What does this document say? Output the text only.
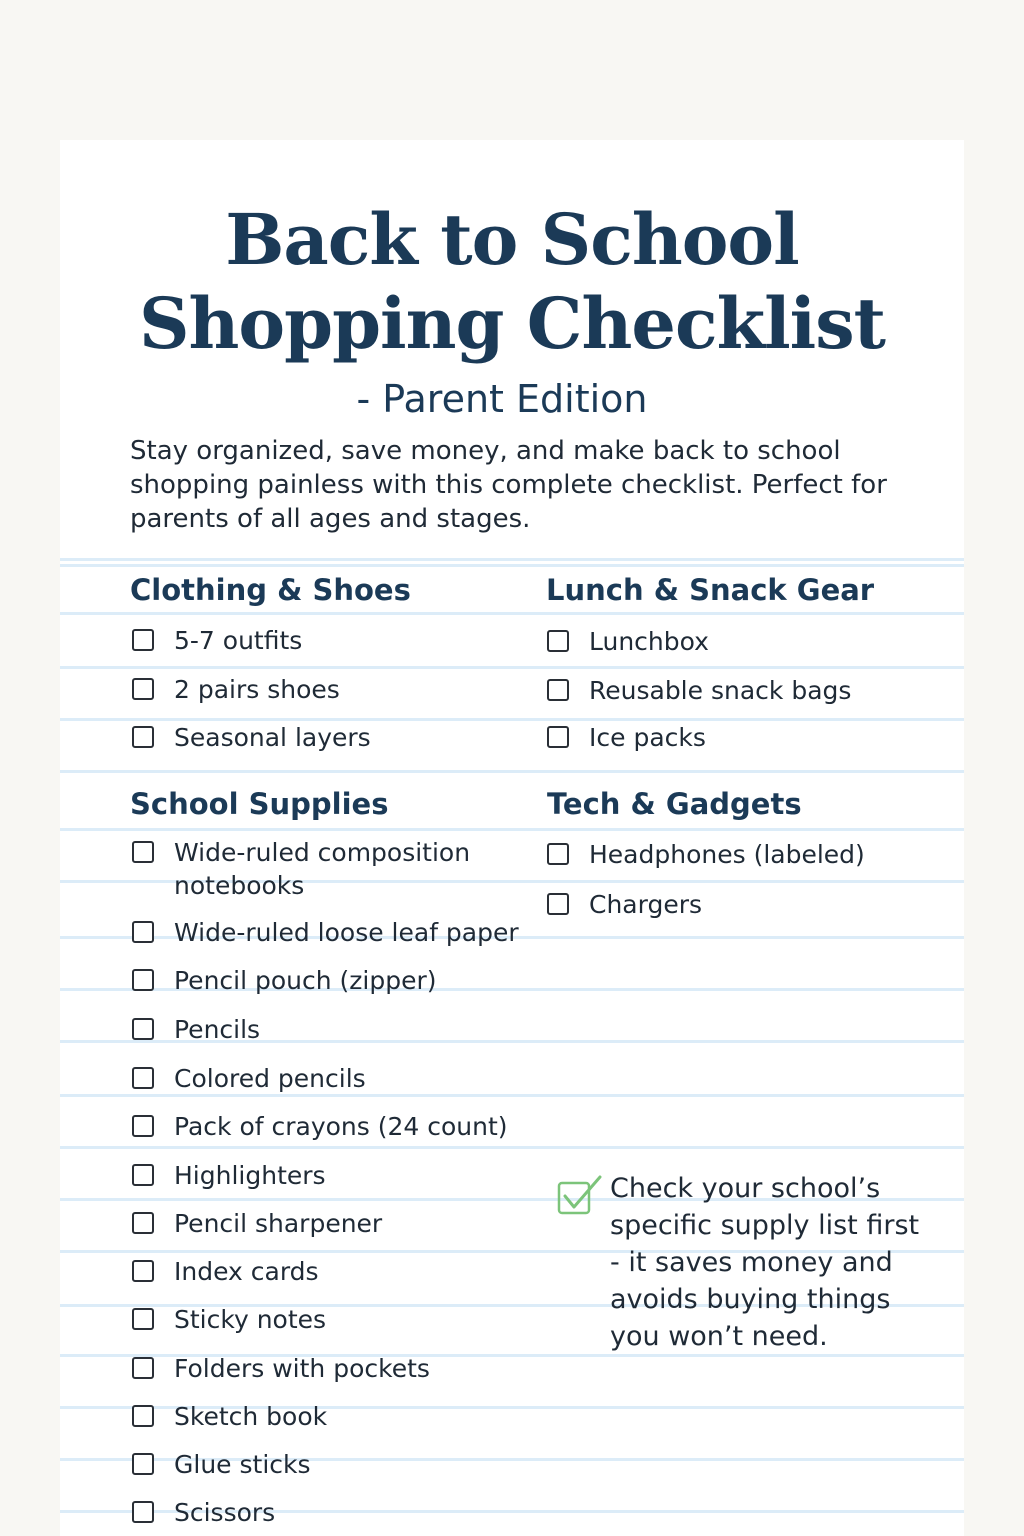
Back to School
Shopping Checklist
- Parent Edition
Stay organized, save money, and make back to school shopping painless with this complete checklist. Perfect for parents of all ages and stages.
Clothing & Shoes
5-7 outfits
2 pairs shoes
Seasonal layers
Lunch & Snack Gear
Lunchbox
Reusable snack bags
Ice packs
School Supplies
Wide-ruled composition notebooks
Wide-ruled loose leaf paper
Pencil pouch (zipper)
Pencils
Colored pencils
Pack of crayons (24 count)
Highlighters
Pencil sharpener
Index cards
Sticky notes
Folders with pockets
Sketch book
Glue sticks
Scissors
Tech & Gadgets
Headphones (labeled)
Chargers
Check your school’s specific supply list first - it saves money and avoids buying things you won’t need.
